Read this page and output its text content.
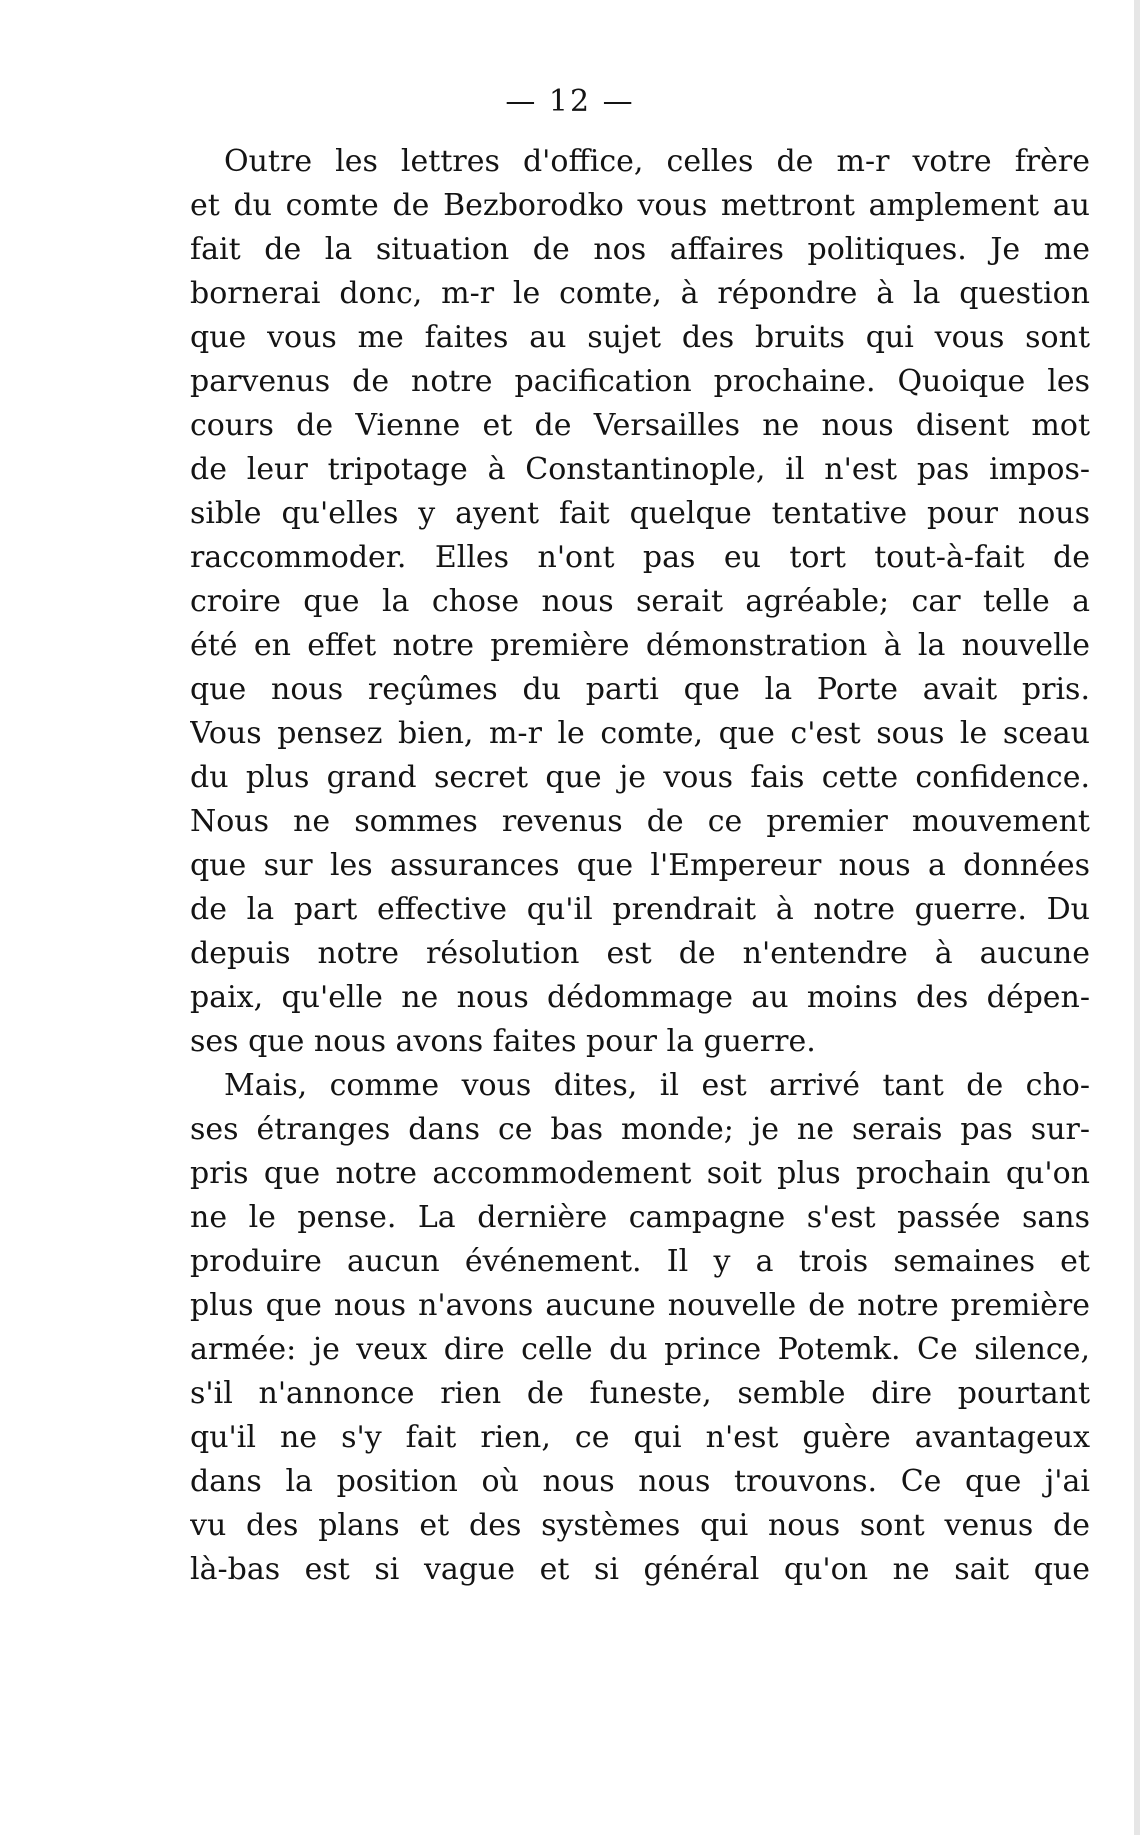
— 12 —
Outre les lettres d'office, celles de m-r votre frère
et du comte de Bezborodko vous mettront amplement au
fait de la situation de nos affaires politiques. Je me
bornerai donc, m-r le comte, à répondre à la question
que vous me faites au sujet des bruits qui vous sont
parvenus de notre pacification prochaine. Quoique les
cours de Vienne et de Versailles ne nous disent mot
de leur tripotage à Constantinople, il n'est pas impos-
sible qu'elles y ayent fait quelque tentative pour nous
raccommoder. Elles n'ont pas eu tort tout-à-fait de
croire que la chose nous serait agréable; car telle a
été en effet notre première démonstration à la nouvelle
que nous reçûmes du parti que la Porte avait pris.
Vous pensez bien, m-r le comte, que c'est sous le sceau
du plus grand secret que je vous fais cette confidence.
Nous ne sommes revenus de ce premier mouvement
que sur les assurances que l'Empereur nous a données
de la part effective qu'il prendrait à notre guerre. Du
depuis notre résolution est de n'entendre à aucune
paix, qu'elle ne nous dédommage au moins des dépen-
ses que nous avons faites pour la guerre.
Mais, comme vous dites, il est arrivé tant de cho-
ses étranges dans ce bas monde; je ne serais pas sur-
pris que notre accommodement soit plus prochain qu'on
ne le pense. La dernière campagne s'est passée sans
produire aucun événement. Il y a trois semaines et
plus que nous n'avons aucune nouvelle de notre première
armée: je veux dire celle du prince Potemk. Ce silence,
s'il n'annonce rien de funeste, semble dire pourtant
qu'il ne s'y fait rien, ce qui n'est guère avantageux
dans la position où nous nous trouvons. Ce que j'ai
vu des plans et des systèmes qui nous sont venus de
là-bas est si vague et si général qu'on ne sait que
